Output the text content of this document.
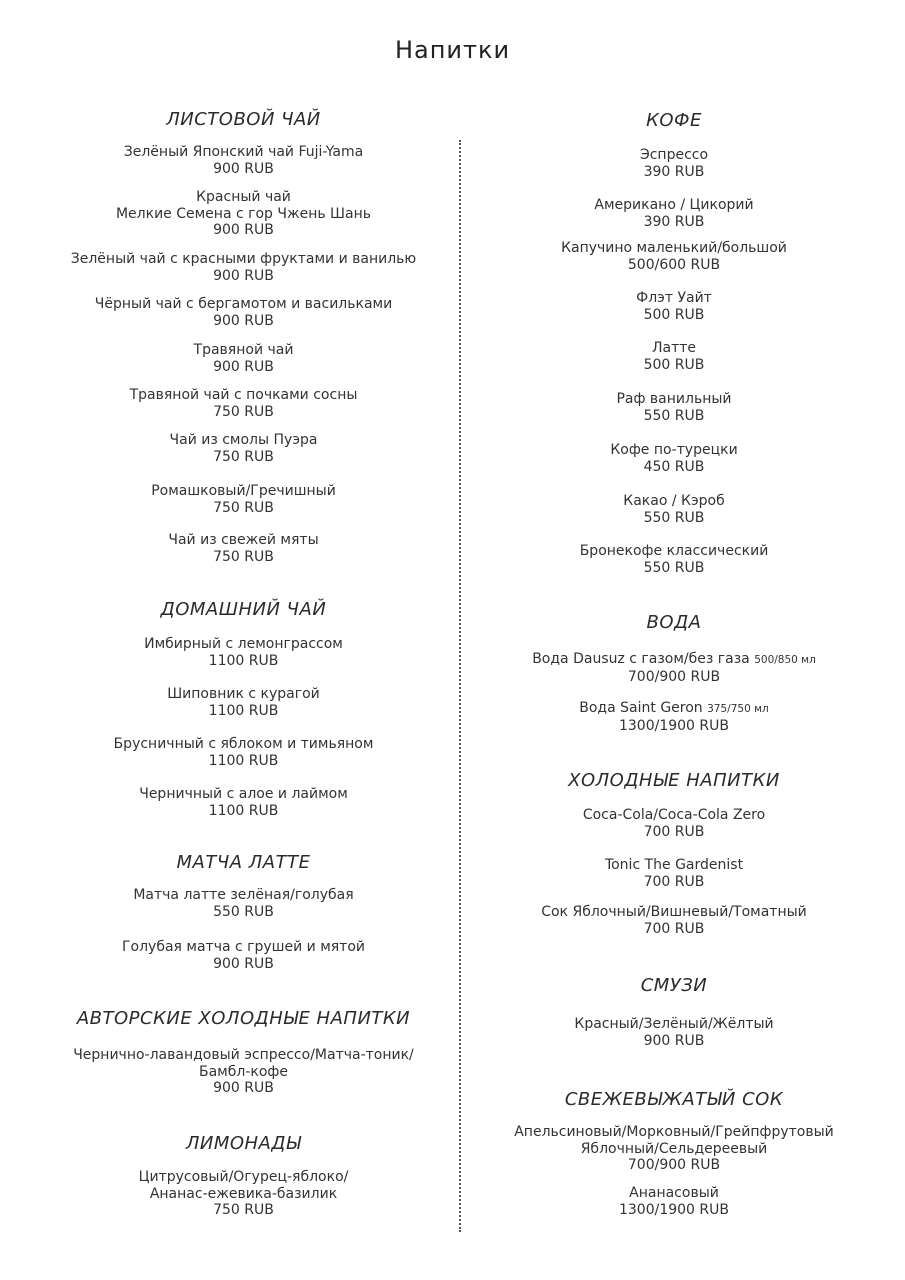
Напитки
ЛИСТОВОЙ ЧАЙ
Зелёный Японский чай Fuji-Yama
900 RUB
Красный чай
Мелкие Семена с гор Чжень Шань
900 RUB
Зелёный чай с красными фруктами и ванилью
900 RUB
Чёрный чай с бергамотом и васильками
900 RUB
Травяной чай
900 RUB
Травяной чай с почками сосны
750 RUB
Чай из смолы Пуэра
750 RUB
Ромашковый/Гречишный
750 RUB
Чай из свежей мяты
750 RUB
ДОМАШНИЙ ЧАЙ
Имбирный с лемонграссом
1100 RUB
Шиповник с курагой
1100 RUB
Брусничный с яблоком и тимьяном
1100 RUB
Черничный с алое и лаймом
1100 RUB
МАТЧА ЛАТТЕ
Матча латте зелёная/голубая
550 RUB
Голубая матча с грушей и мятой
900 RUB
АВТОРСКИЕ ХОЛОДНЫЕ НАПИТКИ
Чернично-лавандовый эспрессо/Матча-тоник/
Бамбл-кофе
900 RUB
ЛИМОНАДЫ
Цитрусовый/Огурец-яблоко/
Ананас-ежевика-базилик
750 RUB
КОФЕ
Эспрессо
390 RUB
Американо / Цикорий
390 RUB
Капучино маленький/большой
500/600 RUB
Флэт Уайт
500 RUB
Латте
500 RUB
Раф ванильный
550 RUB
Кофе по-турецки
450 RUB
Какао / Кэроб
550 RUB
Бронекофе классический
550 RUB
ВОДА
Вода Dausuz с газом/без газа 500/850 мл
700/900 RUB
Вода Saint Geron 375/750 мл
1300/1900 RUB
ХОЛОДНЫЕ НАПИТКИ
Coca-Cola/Coca-Cola Zero
700 RUB
Tonic The Gardenist
700 RUB
Сок Яблочный/Вишневый/Томатный
700 RUB
СМУЗИ
Красный/Зелёный/Жёлтый
900 RUB
СВЕЖЕВЫЖАТЫЙ СОК
Апельсиновый/Морковный/Грейпфрутовый
Яблочный/Сельдереевый
700/900 RUB
Ананасовый
1300/1900 RUB
